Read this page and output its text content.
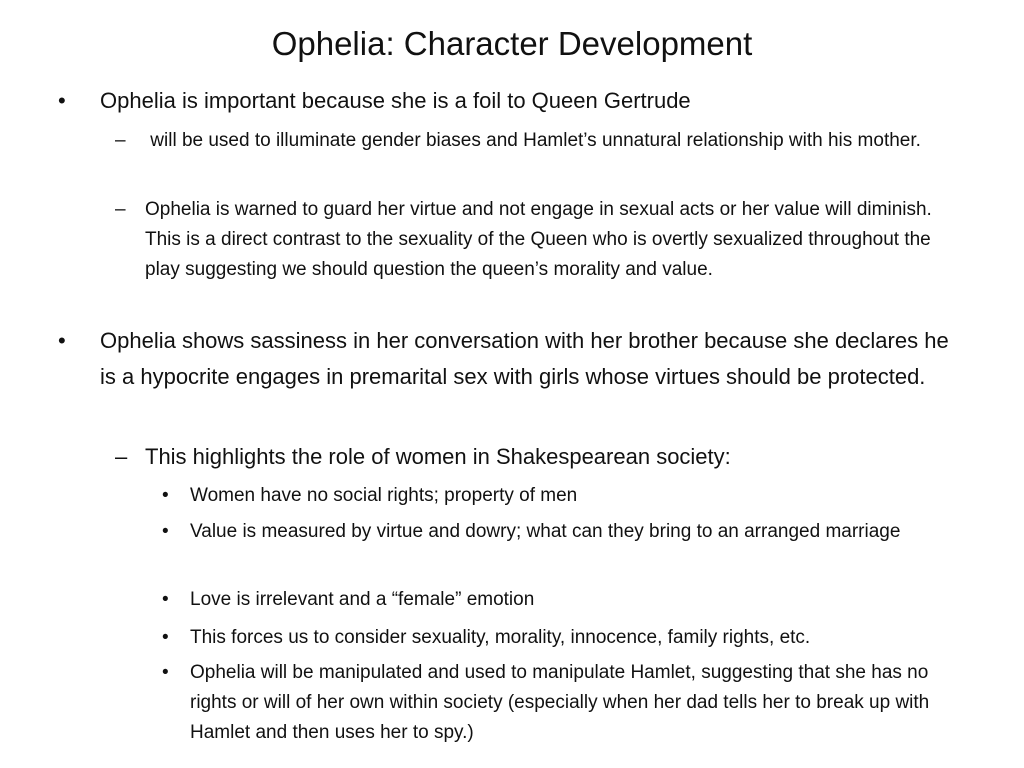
Ophelia: Character Development
•	Ophelia is important because she is a foil to Queen Gertrude
–	will be used to illuminate gender biases and Hamlet’s unnatural relationship with his mother.
–	Ophelia is warned to guard her virtue and not engage in sexual acts or her value will diminish. This is a direct contrast to the sexuality of the Queen who is overtly sexualized throughout the play suggesting we should question the queen’s morality and value.
•	Ophelia shows sassiness in her conversation with her brother because she declares he is a hypocrite engages in premarital sex with girls whose virtues should be protected.
– This highlights the role of women in Shakespearean society:
•	Women have no social rights; property of men
•	Value is measured by virtue and dowry; what can they bring to an arranged marriage
•	Love is irrelevant and a “female” emotion
•	This forces us to consider sexuality, morality, innocence, family rights, etc.
•	Ophelia will be manipulated and used to manipulate Hamlet, suggesting that she has no rights or will of her own within society (especially when her dad tells her to break up with Hamlet and then uses her to spy.)
